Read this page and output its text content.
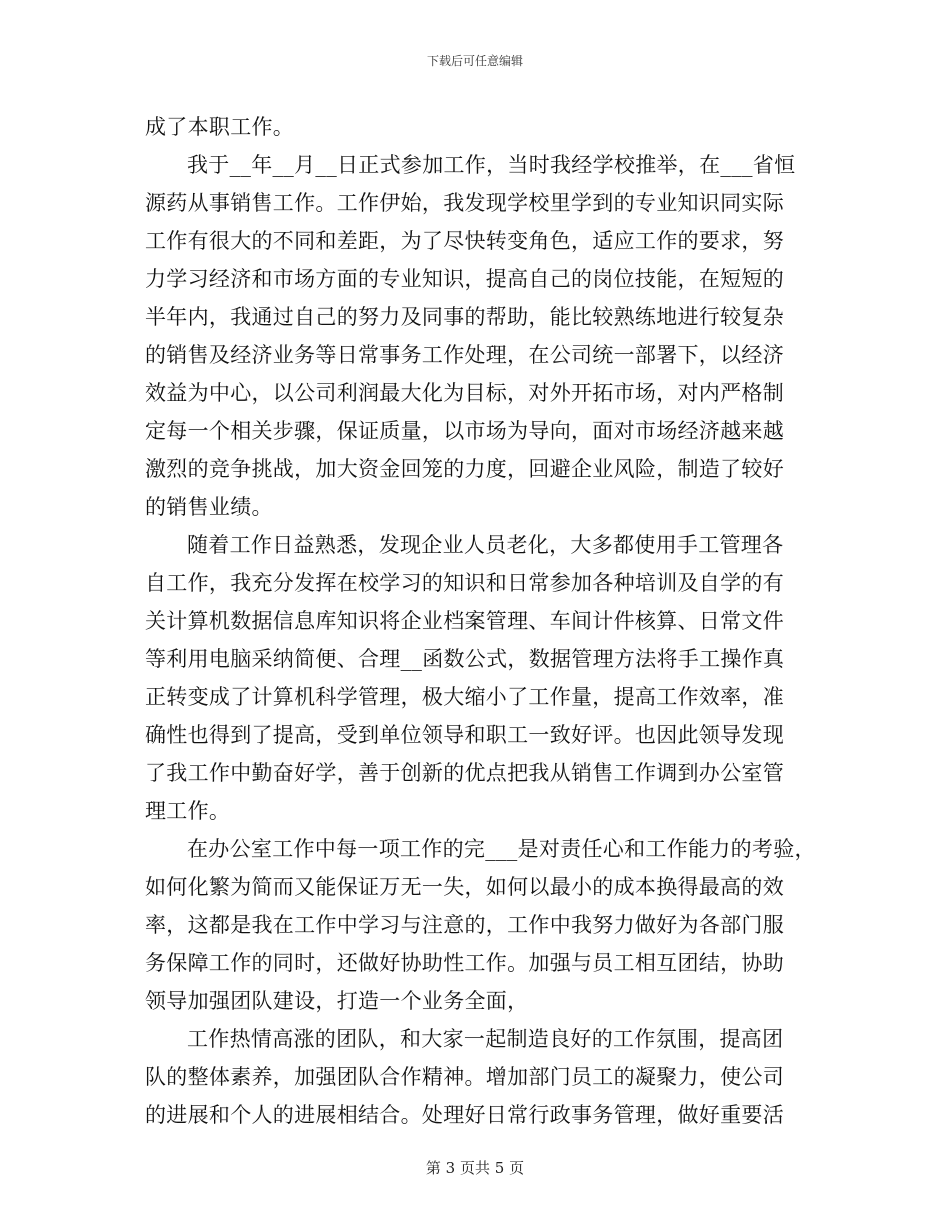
下载后可任意编辑
成了本职工作。
我于__年__月__日正式参加工作，当时我经学校推举，在___省恒
源药从事销售工作。工作伊始，我发现学校里学到的专业知识同实际
工作有很大的不同和差距，为了尽快转变角色，适应工作的要求，努
力学习经济和市场方面的专业知识，提高自己的岗位技能，在短短的
半年内，我通过自己的努力及同事的帮助，能比较熟练地进行较复杂
的销售及经济业务等日常事务工作处理，在公司统一部署下，以经济
效益为中心，以公司利润最大化为目标，对外开拓市场，对内严格制
定每一个相关步骤，保证质量，以市场为导向，面对市场经济越来越
激烈的竞争挑战，加大资金回笼的力度，回避企业风险，制造了较好
的销售业绩。
随着工作日益熟悉，发现企业人员老化，大多都使用手工管理各
自工作，我充分发挥在校学习的知识和日常参加各种培训及自学的有
关计算机数据信息库知识将企业档案管理、车间计件核算、日常文件
等利用电脑采纳简便、合理__函数公式，数据管理方法将手工操作真
正转变成了计算机科学管理，极大缩小了工作量，提高工作效率，准
确性也得到了提高，受到单位领导和职工一致好评。也因此领导发现
了我工作中勤奋好学，善于创新的优点把我从销售工作调到办公室管
理工作。
在办公室工作中每一项工作的完___是对责任心和工作能力的考验，
如何化繁为简而又能保证万无一失，如何以最小的成本换得最高的效
率，这都是我在工作中学习与注意的，工作中我努力做好为各部门服
务保障工作的同时，还做好协助性工作。加强与员工相互团结，协助
领导加强团队建设，打造一个业务全面，
工作热情高涨的团队，和大家一起制造良好的工作氛围，提高团
队的整体素养，加强团队合作精神。增加部门员工的凝聚力，使公司
的进展和个人的进展相结合。处理好日常行政事务管理，做好重要活
第 3 页共 5 页
